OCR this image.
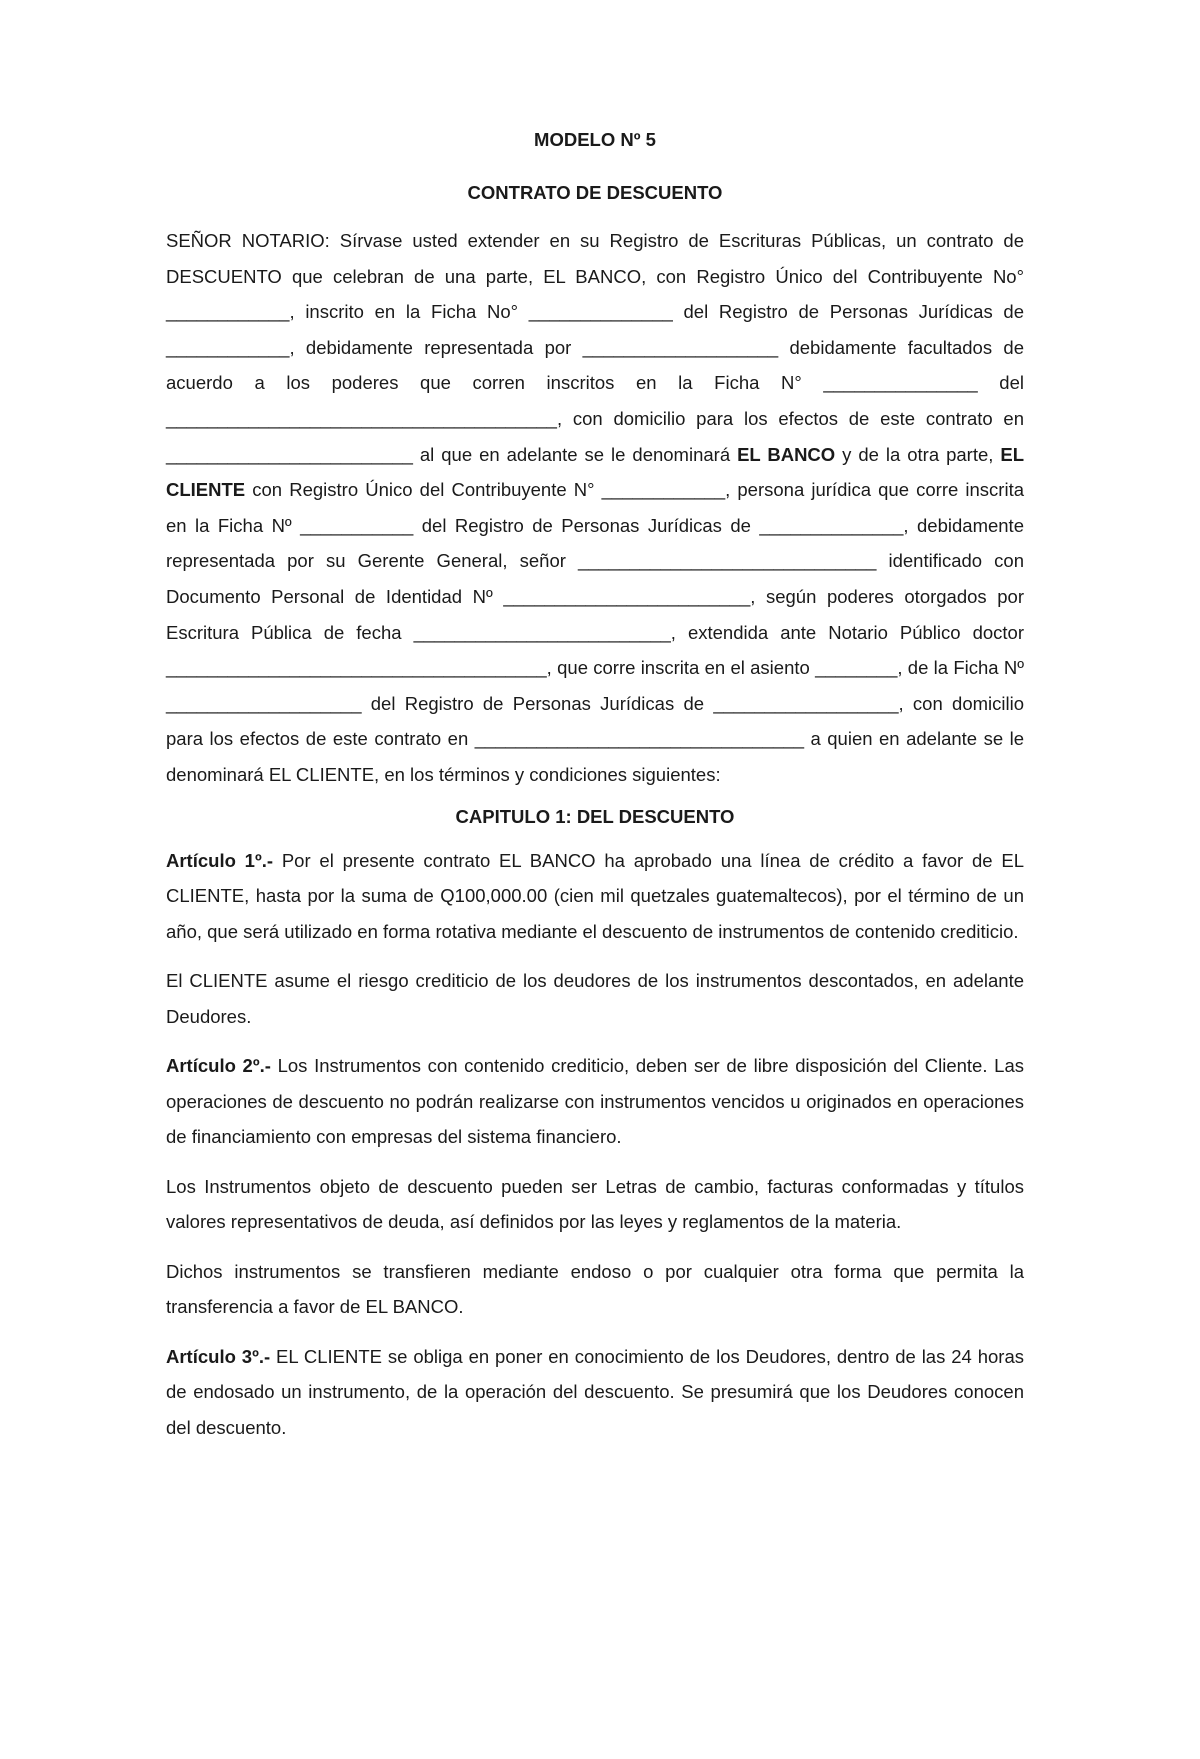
MODELO Nº 5
CONTRATO DE DESCUENTO

SEÑOR NOTARIO: Sírvase usted extender en su Registro de Escrituras Públicas, un contrato de DESCUENTO que celebran de una parte, EL BANCO, con Registro Único del Contribuyente No° ____________, inscrito en la Ficha No° ______________ del Registro de Personas Jurídicas de ____________, debidamente representada por ___________________ debidamente facultados de acuerdo a los poderes que corren inscritos en la Ficha N° _______________ del ______________________________________, con domicilio para los efectos de este contrato en ________________________ al que en adelante se le denominará EL BANCO y de la otra parte, EL CLIENTE con Registro Único del Contribuyente N° ____________, persona jurídica que corre inscrita en la Ficha Nº ___________ del Registro de Personas Jurídicas de ______________, debidamente representada por su Gerente General, señor _____________________________ identificado con Documento Personal de Identidad Nº ________________________, según poderes otorgados por Escritura Pública de fecha _________________________, extendida ante Notario Público doctor _____________________________________, que corre inscrita en el asiento ________, de la Ficha Nº ___________________ del Registro de Personas Jurídicas de __________________, con domicilio para los efectos de este contrato en ________________________________ a quien en adelante se le denominará EL CLIENTE, en los términos y condiciones siguientes:

CAPITULO 1: DEL DESCUENTO

Artículo 1º.- Por el presente contrato EL BANCO ha aprobado una línea de crédito a favor de EL CLIENTE, hasta por la suma de Q100,000.00 (cien mil quetzales guatemaltecos), por el término de un año, que será utilizado en forma rotativa mediante el descuento de instrumentos de contenido crediticio.

El CLIENTE asume el riesgo crediticio de los deudores de los instrumentos descontados, en adelante Deudores.

Artículo 2º.- Los Instrumentos con contenido crediticio, deben ser de libre disposición del Cliente. Las operaciones de descuento no podrán realizarse con instrumentos vencidos u originados en operaciones de financiamiento con empresas del sistema financiero.

Los Instrumentos objeto de descuento pueden ser Letras de cambio, facturas conformadas y títulos valores representativos de deuda, así definidos por las leyes y reglamentos de la materia.

Dichos instrumentos se transfieren mediante endoso o por cualquier otra forma que permita la transferencia a favor de EL BANCO.

Artículo 3º.- EL CLIENTE se obliga en poner en conocimiento de los Deudores, dentro de las 24 horas de endosado un instrumento, de la operación del descuento. Se presumirá que los Deudores conocen del descuento.
